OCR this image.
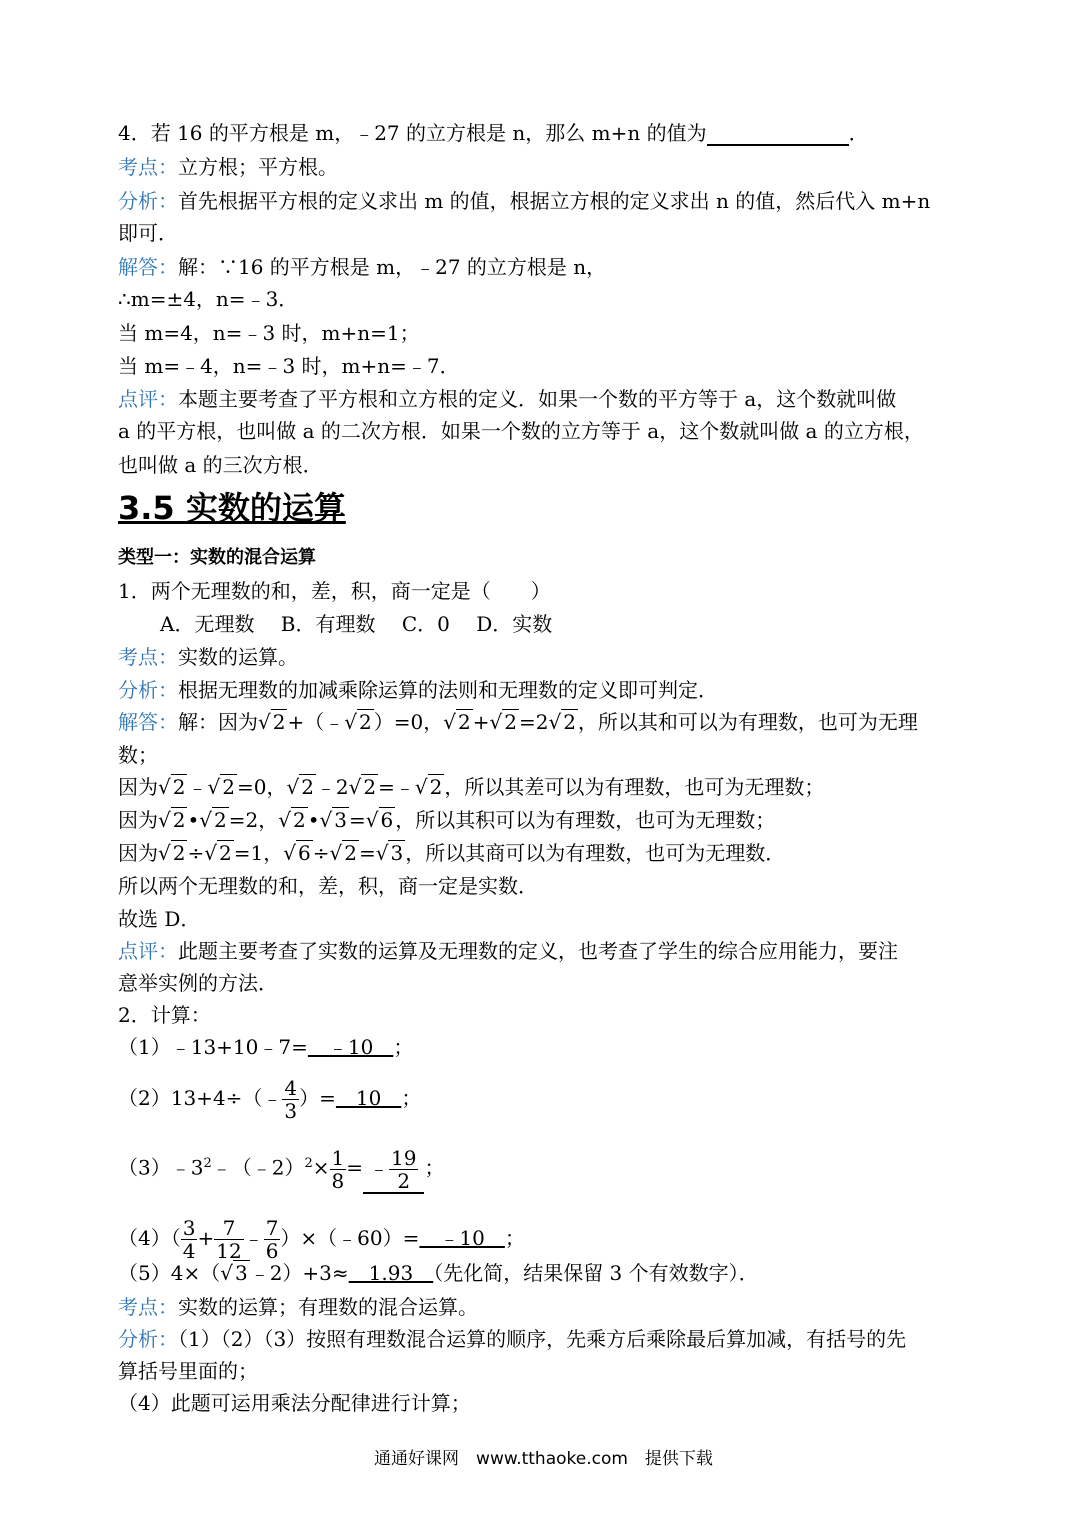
4．若 16 的平方根是 m，﹣27 的立方根是 n，那么 m+n 的值为	．
考点：立方根；平方根。
分析：首先根据平方根的定义求出 m 的值，根据立方根的定义求出 n 的值，然后代入 m+n
即可．
解答：解：∵16 的平方根是 m，﹣27 的立方根是 n，
∴m=±4，n=﹣3．
当 m=4，n=﹣3 时，m+n=1；
当 m=﹣4，n=﹣3 时，m+n=﹣7．
点评：本题主要考查了平方根和立方根的定义．如果一个数的平方等于 a，这个数就叫做
a 的平方根，也叫做 a 的二次方根．如果一个数的立方等于 a，这个数就叫做 a 的立方根，
也叫做 a 的三次方根．
3.5 实数的运算
类型一：实数的混合运算
1．两个无理数的和，差，积，商一定是（　　）
A．无理数　 B．有理数　 C．0　 D．实数
考点：实数的运算。
分析：根据无理数的加减乘除运算的法则和无理数的定义即可判定．
解答：解：因为√ 2 +（﹣√ 2 ）=0，√ 2 +√ 2 =2√ 2 ，所以其和可以为有理数，也可为无理
数；
因为√ 2 ﹣√ 2 =0，√ 2 ﹣2√ 2 =﹣√ 2 ，所以其差可以为有理数，也可为无理数；
因为√ 2 •√ 2 =2，√ 2 •√ 3 =√ 6 ，所以其积可以为有理数，也可为无理数；
因为√ 2 ÷√ 2 =1，√ 6 ÷√ 2 =√ 3 ，所以其商可以为有理数，也可为无理数．
所以两个无理数的和，差，积，商一定是实数．
故选 D．
点评：此题主要考查了实数的运算及无理数的定义，也考查了学生的综合应用能力，要注
意举实例的方法．
2．计算：
（1）﹣13+10﹣7=　﹣10　；
（2）13+4÷（﹣ $\frac{4}{3}$ ）=　10　；
$(3)﹣3^2﹣(﹣2)^2\times \frac{1}{8}$ = ﹣ $\frac{19}{2}$ ；
$(4)( \frac{3}{4} + \frac{7}{12}$ ﹣ $\frac{7}{6}$ ）×（﹣60）=　﹣10　；
（5）4×（√ 3 ﹣2）+3≈　1.93　（先化简，结果保留 3 个有效数字）．
考点：实数的运算；有理数的混合运算。
分析：（1）（2）（3）按照有理数混合运算的顺序，先乘方后乘除最后算加减，有括号的先
算括号里面的；
（4）此题可运用乘法分配律进行计算；
通通好课网　www.tthaoke.com　提供下载
